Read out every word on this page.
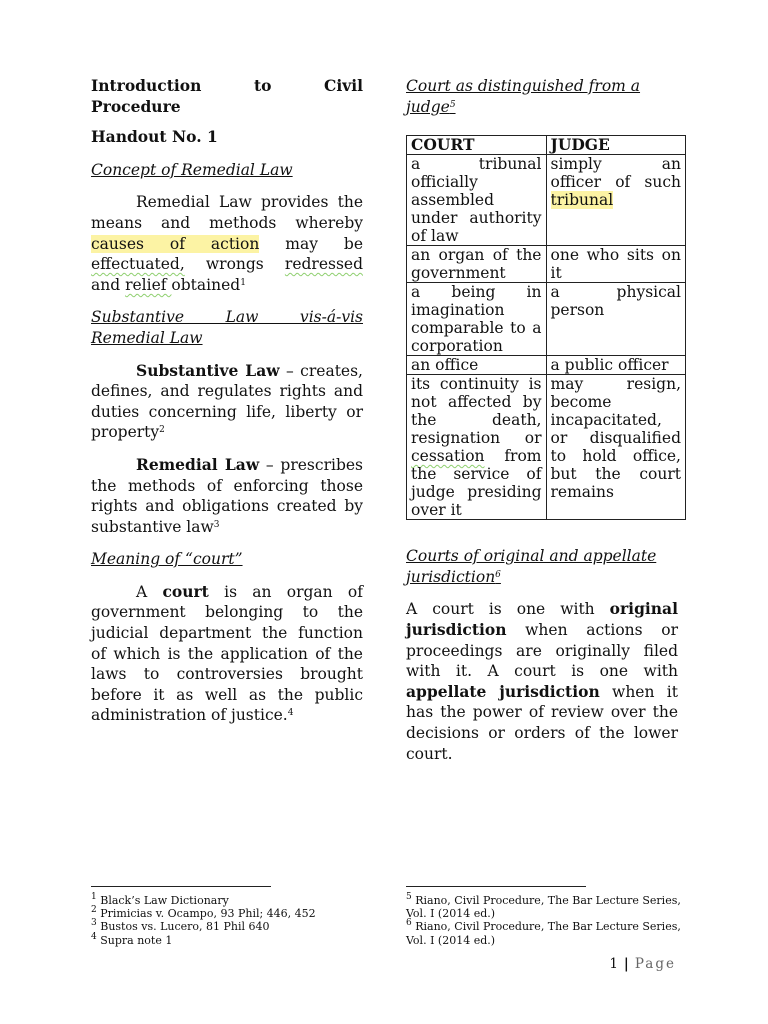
Introduction	to	Civil
Procedure

Handout No. 1

Concept of Remedial Law

Remedial Law provides the means and methods whereby causes of action may be effectuated, wrongs redressed and relief obtained$^1$

Substantive Law vis-á-vis Remedial Law

Substantive Law – creates, defines, and regulates rights and duties concerning life, liberty or property$^2$

Remedial Law – prescribes the methods of enforcing those rights and obligations created by substantive law$^3$

Meaning of “court”

A court is an organ of government belonging to the judicial department the function of which is the application of the laws to controversies brought before it as well as the public administration of justice.$^4$

Court as distinguished from a judge$^5$

COURT	JUDGE
a tribunal officially assembled under authority of law	simply an officer of such tribunal
an organ of the government	one who sits on it
a being in imagination comparable to a corporation	a physical person
an office	a public officer
its continuity is not affected by the death, resignation or cessation from the service of judge presiding over it	may resign, become incapacitated, or disqualified to hold office, but the court remains

Courts of original and appellate jurisdiction$^6$

A court is one with original jurisdiction when actions or proceedings are originally filed with it. A court is one with appellate jurisdiction when it has the power of review over the decisions or orders of the lower court.

$^1$ Black’s Law Dictionary
$^2$ Primicias v. Ocampo, 93 Phil; 446, 452
$^3$ Bustos vs. Lucero, 81 Phil 640
$^4$ Supra note 1
$^5$ Riano, Civil Procedure, The Bar Lecture Series, Vol. I (2014 ed.)
$^6$ Riano, Civil Procedure, The Bar Lecture Series, Vol. I (2014 ed.)
1 | Page
